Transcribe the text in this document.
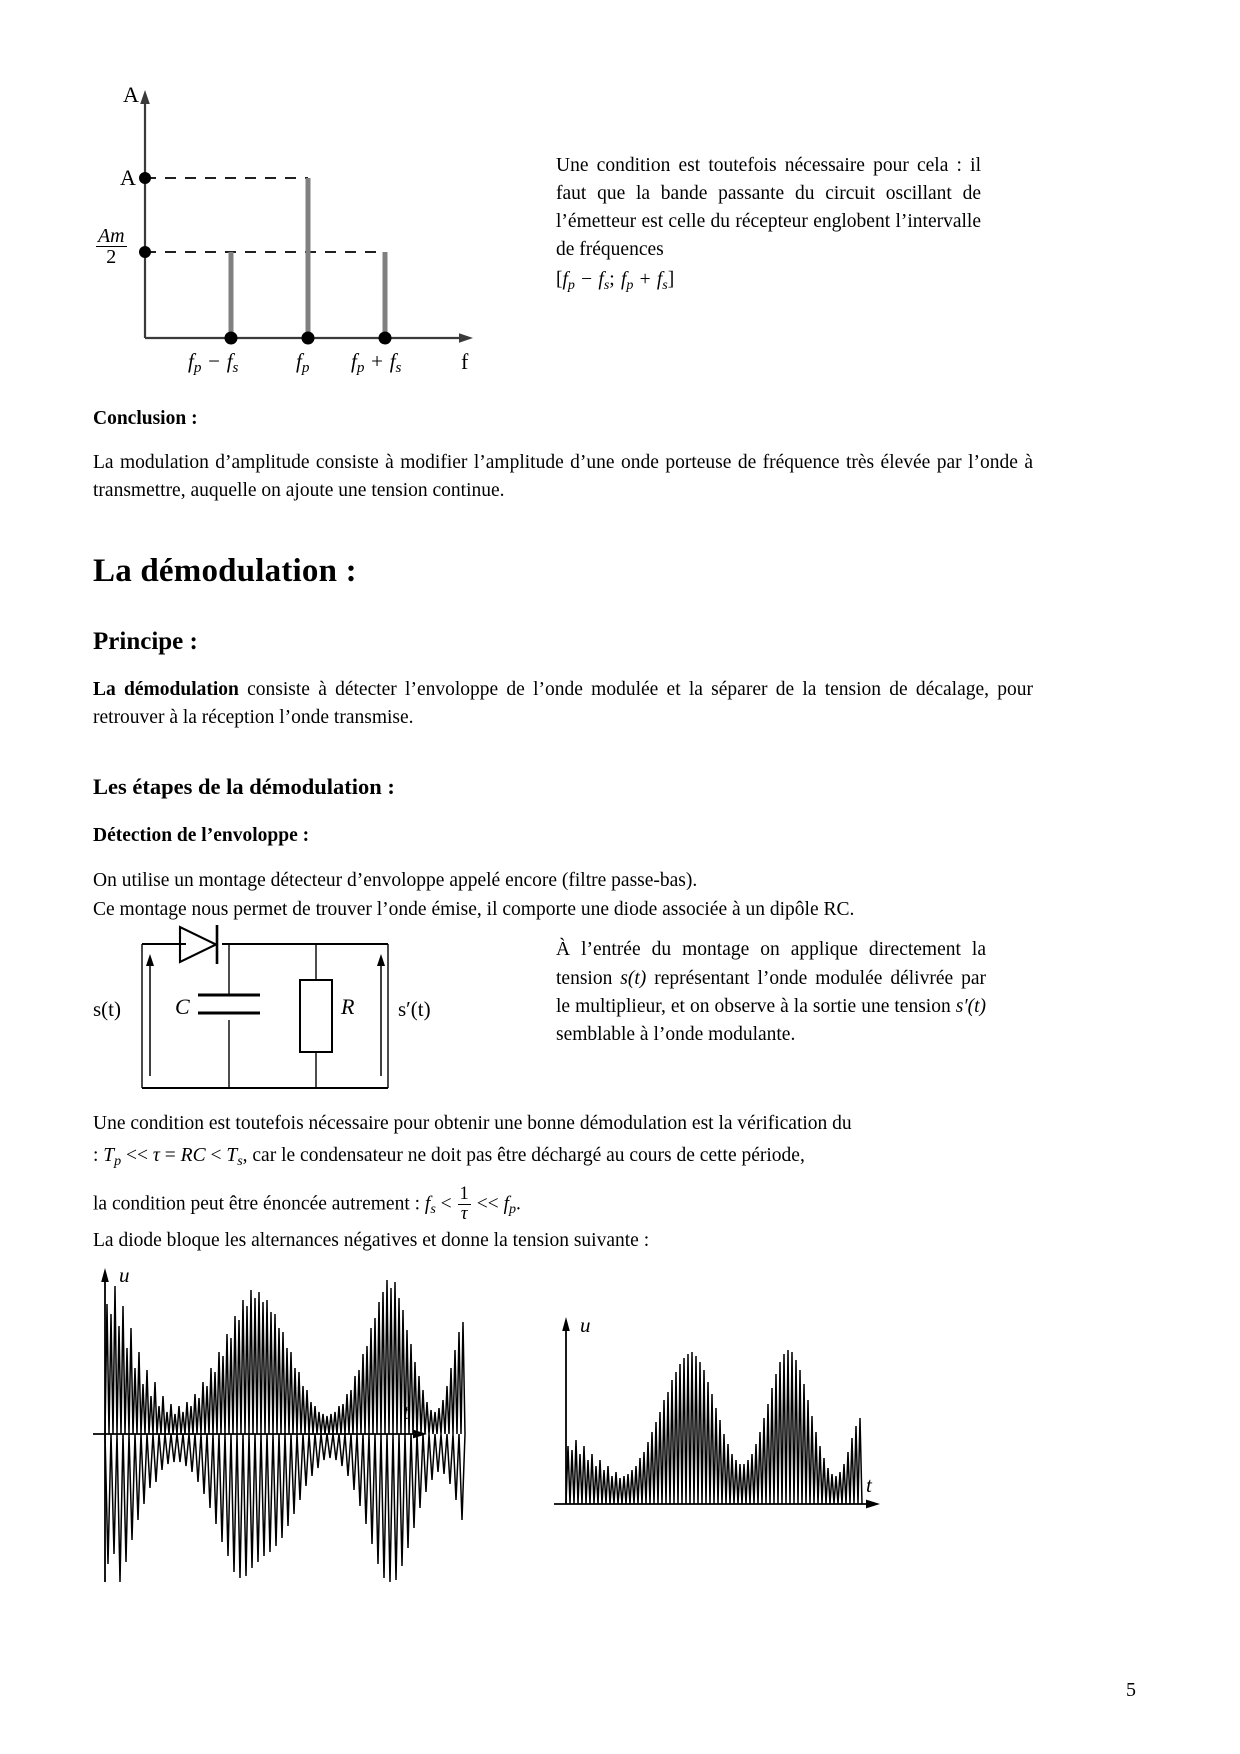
A
A
$\frac{Am}{2}$
$f_p - f_s$	$f_p$ $f_p + f_s$	f

Une condition est toutefois nécessaire pour cela : il faut que la bande passante du circuit oscillant de l’émetteur est celle du récepteur englobent l’intervalle de fréquences

[$f_p - f_s$; $f_p + f_s$]

Conclusion :

La modulation d’amplitude consiste à modifier l’amplitude d’une onde porteuse de fréquence très élevée par l’onde à transmettre, auquelle on ajoute une tension continue.

La démodulation :
Principe :

La démodulation consiste à détecter l’envoloppe de l’onde modulée et la séparer de la tension de décalage, pour retrouver à la réception l’onde transmise.

Les étapes de la démodulation :
Détection de l’envoloppe :

On utilise un montage détecteur d’envoloppe appelé encore (filtre passe-bas).

Ce montage nous permet de trouver l’onde émise, il comporte une diode associée à un dipôle RC.

s(t) C	R s′(t)

À l’entrée du montage on applique directement la tension s(t) représentant l’onde modulée délivrée par le multiplieur, et on observe à la sortie une tension s′(t) semblable à l’onde modulante.

Une condition est toutefois nécessaire pour obtenir une bonne démodulation est la vérification du

: $T_p << \tau$ = RC < $T_s$, car le condensateur ne doit pas être déchargé au cours de cette période,

la condition peut être énoncée autrement : $f_s < \frac{1}{\tau} << f_p$.

La diode bloque les alternances négatives et donne la tension suivante :

u
t
u
t
5
